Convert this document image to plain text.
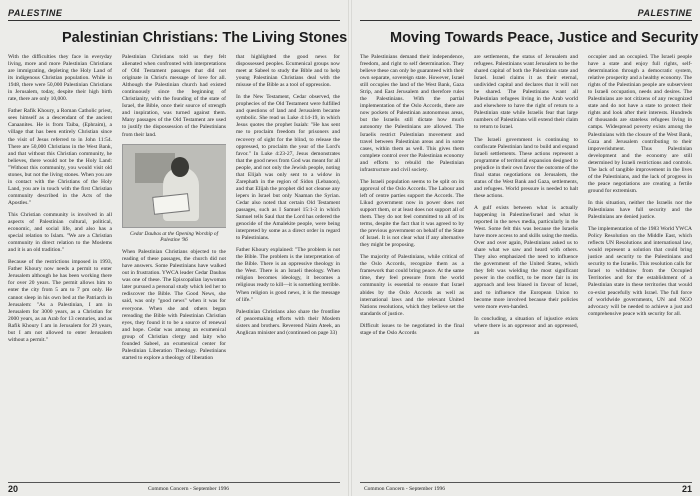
PALESTINE
Palestinian Christians: The Living Stones

With the difficulties they face in everyday living, more and more Palestinian Christians are immigrating, depleting the Holy Land of its indigenous Christian population. While in 1948, there were 50,000 Palestinian Christians in Jerusalem, today, despite their high birth rate, there are only 10,000.

Father Rafik Khoury, a Roman Catholic priest, sees himself as a descendant of the ancient Canaanites. He is from Taiba, (Ephraim), a village that has been entirely Christian since the visit of Jesus referred to in John 11:54. There are 50,000 Christians in the West Bank, and that without this Christian community, he believes, there would not be the Holy Land: "Without this community, you would visit old stones, but not the living stones. When you are in contact with the Christians of the Holy Land, you are in touch with the first Christian community described in the Acts of the Apostles."

This Christian community is involved in all aspects of Palestinian cultural, political, economic, and social life, and also has a special relation to Islam. "We are a Christian community in direct relation to the Moslems and it is an old tradition."

Because of the restrictions imposed in 1993, Father Khoury now needs a permit to enter Jerusalem although he has been working there for over 20 years. The permit allows him to enter the city from 5 am to 7 pm only. He cannot sleep in his own bed at the Patriarch in Jerusalem: "As a Palestinian, I am in Jerusalem for 3000 years, as a Christian for 2000 years, as an Arab for 13 centuries, and as Rafik Khoury I am in Jerusalem for 29 years, but I am not allowed to enter Jerusalem without a permit."

Palestinian Christians told us they felt alienated when confronted with interpretations of Old Testament passages that did not originate in Christ's message of love for all. Although the Palestinian church had existed continuously since the beginning of Christianity, with the founding of the state of Israel, the Bible, once their source of strength and inspiration, was turned against them. Many passages of the Old Testament are used to justify the dispossession of the Palestinians from their land.

Cedar Daubas at the Opening Worship of Palestine '96

When Palestinian Christians objected to the reading of these passages, the church did not have answers. Some Palestinians have walked out in frustration. YWCA leader Cedar Daubas was one of these. The Episcopalian laywoman later pursued a personal study which led her to rediscover the Bible. The Good News, she said, was only "good news" when it was for everyone. When she and others began rereading the Bible with Palestinian Christian eyes, they found it to be a source of renewal and hope. Cedar was among an ecumenical group of Christian clergy and laity who founded Sabeel, an ecumenical center for Palestinian Liberation Theology. Palestinians started to explore a theology of liberation

that highlighted the good news for dispossessed peoples. Ecumenical groups now meet at Sabeel to study the Bible and to help young Palestinian Christians deal with the misuse of the Bible as a tool of oppression.

In the New Testament, Cedar observed, the prophecies of the Old Testament were fulfilled and questions of land and Jerusalem became symbolic. She read us Luke 4:14-19, in which Jesus quotes the prophet Isaiah: "He has sent me to proclaim freedom for prisoners and recovery of sight for the blind, to release the oppressed, to proclaim the year of the Lord's favor." In Luke 4:23-27, Jesus demonstrates that the good news from God was meant for all people, and not only the Jewish people, noting that Elijah was only sent to a widow in Zarephath in the region of Sidon (Lebanon), and that Elijah the prophet did not cleanse any lepers in Israel but only Naaman the Syrian. Cedar also noted that certain Old Testament passages, such as I Samuel 15:1-3 in which Samuel tells Saul that the Lord has ordered the genocide of the Amalekite people, were being interpreted by some as a direct order in regard to Palestinians.

Father Khoury explained: "The problem is not the Bible. The problem is the interpretation of the Bible. There is an oppressive theology in the West. There is an Israeli theology. When religion becomes ideology, it becomes a religious ready to kill—it is something terrible. When religion is good news, it is the message of life."

Palestinian Christians also share the frontline of peacemaking efforts with their Moslem sisters and brothers. Reverend Naim Ateek, an Anglican minister and (continued on page 33)

20	Common Concern - September 1996
PALESTINE
Moving Towards Peace, Justice and Security

The Palestinians demand their independence, freedom, and right to self determination. They believe these can only be guaranteed with their own separate, sovereign state. However, Israel still occupies the land of the West Bank, Gaza Strip, and East Jerusalem and therefore rules the Palestinians. With the partial implementation of the Oslo Accords, there are now pockets of Palestinian autonomous areas, but the Israelis still dictate how much autonomy the Palestinians are allowed. The Israelis restrict Palestinian movement and travel between Palestinian areas and in some cases, within them as well. This gives them complete control over the Palestinian economy and efforts to rebuild the Palestinian infrastructure and civil society.

The Israeli population seems to be split on its approval of the Oslo Accords. The Labour and left of centre parties support the Accords. The Likud government now in power does not support them, or at least does not support all of them. They do not feel committed to all of its terms, despite the fact that it was agreed to by the previous government on behalf of the State of Israel. It is not clear what if any alternative they might be proposing.

The majority of Palestinians, while critical of the Oslo Accords, recognize them as a framework that could bring peace. At the same time, they feel pressure from the world community is essential to ensure that Israel abides by the Oslo Accords as well as international laws and the relevant United Nations resolutions, which they believe set the standards of justice.

Difficult issues to be negotiated in the final stage of the Oslo Accords

are settlements, the status of Jerusalem and refugees. Palestinians want Jerusalem to be the shared capital of both the Palestinian state and Israel. Israel claims it as their eternal, undivided capital and declares that it will not be shared. The Palestinians want all Palestinian refugees living in the Arab world and elsewhere to have the right of return to a Palestinian state while Israelis fear that large numbers of Palestinians will extend their claim to return to Israel.

The Israeli government is continuing to confiscate Palestinian land to build and expand Israeli settlements. These actions represent a programme of territorial expansion designed to prejudice in their own favor the outcome of the final status negotiations on Jerusalem, the status of the West Bank and Gaza, settlements, and refugees. World pressure is needed to halt these actions.

A gulf exists between what is actually happening in Palestine/Israel and what is reported in the news media, particularly in the West. Some felt this was because the Israelis have more access to and skills using the media. Over and over again, Palestinians asked us to share what we saw and heard with others. They also emphasized the need to influence the government of the United States, which they felt was wielding the most significant power in the conflict, to be more fair in its approach and less biased in favour of Israel, and to influence the European Union to become more involved because their policies were more even-handed.

In concluding, a situation of injustice exists where there is an oppressor and an oppressed, an

occupier and an occupied. The Israeli people have a state and enjoy full rights, self-determination through a democratic system, relative prosperity and a healthy economy. The rights of the Palestinian people are subservient to Israeli occupation, needs and desires. The Palestinians are not citizens of any recognized state and do not have a state to protect their rights and look after their interests. Hundreds of thousands are stateless refugees living in camps. Widespread poverty exists among the Palestinians with the closure of the West Bank, Gaza and Jerusalem contributing to their impoverishment. Thus Palestinian development and the economy are still determined by Israeli restrictions and controls. The lack of tangible improvement in the lives of the Palestinians, and the lack of progress in the peace negotiations are creating a fertile ground for extremism.

In this situation, neither the Israelis nor the Palestinians have full security and the Palestinians are denied justice.

The implementation of the 1983 World YWCA Policy Resolution on the Middle East, which reflects UN Resolutions and international law, would represent a solution that could bring justice and security to the Palestinians and security to the Israelis. This resolution calls for Israel to withdraw from the Occupied Territories and for the establishment of a Palestinian state in these territories that would co-exist peacefully with Israel. The full force of worldwide governments, UN and NGO advocacy will be needed to achieve a just and comprehensive peace with security for all.

Common Concern - September 1996	21
